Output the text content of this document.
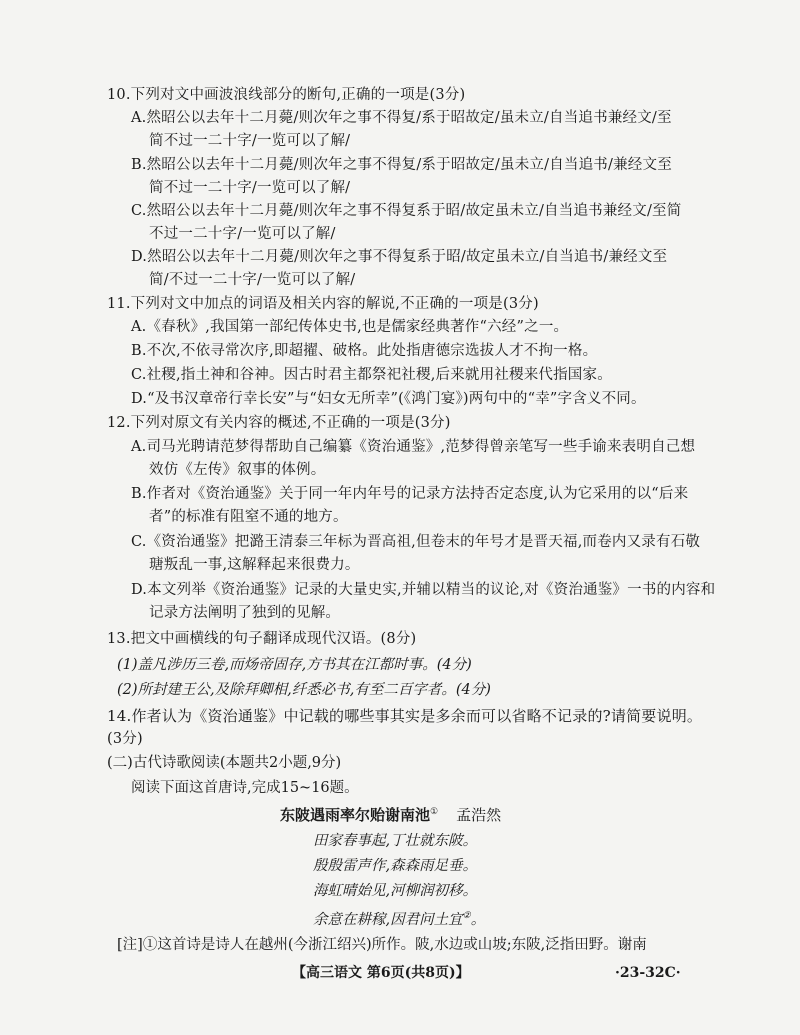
10.下列对文中画波浪线部分的断句,正确的一项是(3分)
A.然昭公以去年十二月薨/则次年之事不得复/系于昭故定/虽未立/自当追书兼经文/至
简不过一二十字/一览可以了解/
B.然昭公以去年十二月薨/则次年之事不得复/系于昭故定/虽未立/自当追书/兼经文至
简不过一二十字/一览可以了解/
C.然昭公以去年十二月薨/则次年之事不得复系于昭/故定虽未立/自当追书兼经文/至简
不过一二十字/一览可以了解/
D.然昭公以去年十二月薨/则次年之事不得复系于昭/故定虽未立/自当追书/兼经文至
简/不过一二十字/一览可以了解/
11.下列对文中加点的词语及相关内容的解说,不正确的一项是(3分)
A.《春秋》,我国第一部纪传体史书,也是儒家经典著作“六经”之一。
B.不次,不依寻常次序,即超擢、破格。此处指唐德宗选拔人才不拘一格。
C.社稷,指土神和谷神。因古时君主都祭祀社稷,后来就用社稷来代指国家。
D.“及书汉章帝行幸长安”与“妇女无所幸”(《鸿门宴》)两句中的“幸”字含义不同。
12.下列对原文有关内容的概述,不正确的一项是(3分)
A.司马光聘请范梦得帮助自己编纂《资治通鉴》,范梦得曾亲笔写一些手谕来表明自己想
效仿《左传》叙事的体例。
B.作者对《资治通鉴》关于同一年内年号的记录方法持否定态度,认为它采用的以“后来
者”的标准有阻窒不通的地方。
C.《资治通鉴》把潞王清泰三年标为晋高祖,但卷末的年号才是晋天福,而卷内又录有石敬
瑭叛乱一事,这解释起来很费力。
D.本文列举《资治通鉴》记录的大量史实,并辅以精当的议论,对《资治通鉴》一书的内容和
记录方法阐明了独到的见解。
13.把文中画横线的句子翻译成现代汉语。(8分)
(1)盖凡涉历三卷,而炀帝固存,方书其在江都时事。(4分)
(2)所封建王公,及除拜卿相,纤悉必书,有至二百字者。(4分)
14.作者认为《资治通鉴》中记载的哪些事其实是多余而可以省略不记录的?请简要说明。
(3分)
(二)古代诗歌阅读(本题共2小题,9分)
阅读下面这首唐诗,完成15~16题。
东陂遇雨率尔贻谢南池① 孟浩然
田家春事起,丁壮就东陂。
殷殷雷声作,森森雨足垂。
海虹晴始见,河柳润初移。
余意在耕稼,因君问土宜②。
[注]①这首诗是诗人在越州(今浙江绍兴)所作。陂,水边或山坡;东陂,泛指田野。谢南
【高三语文 第6页(共8页)】	·23-32C·
